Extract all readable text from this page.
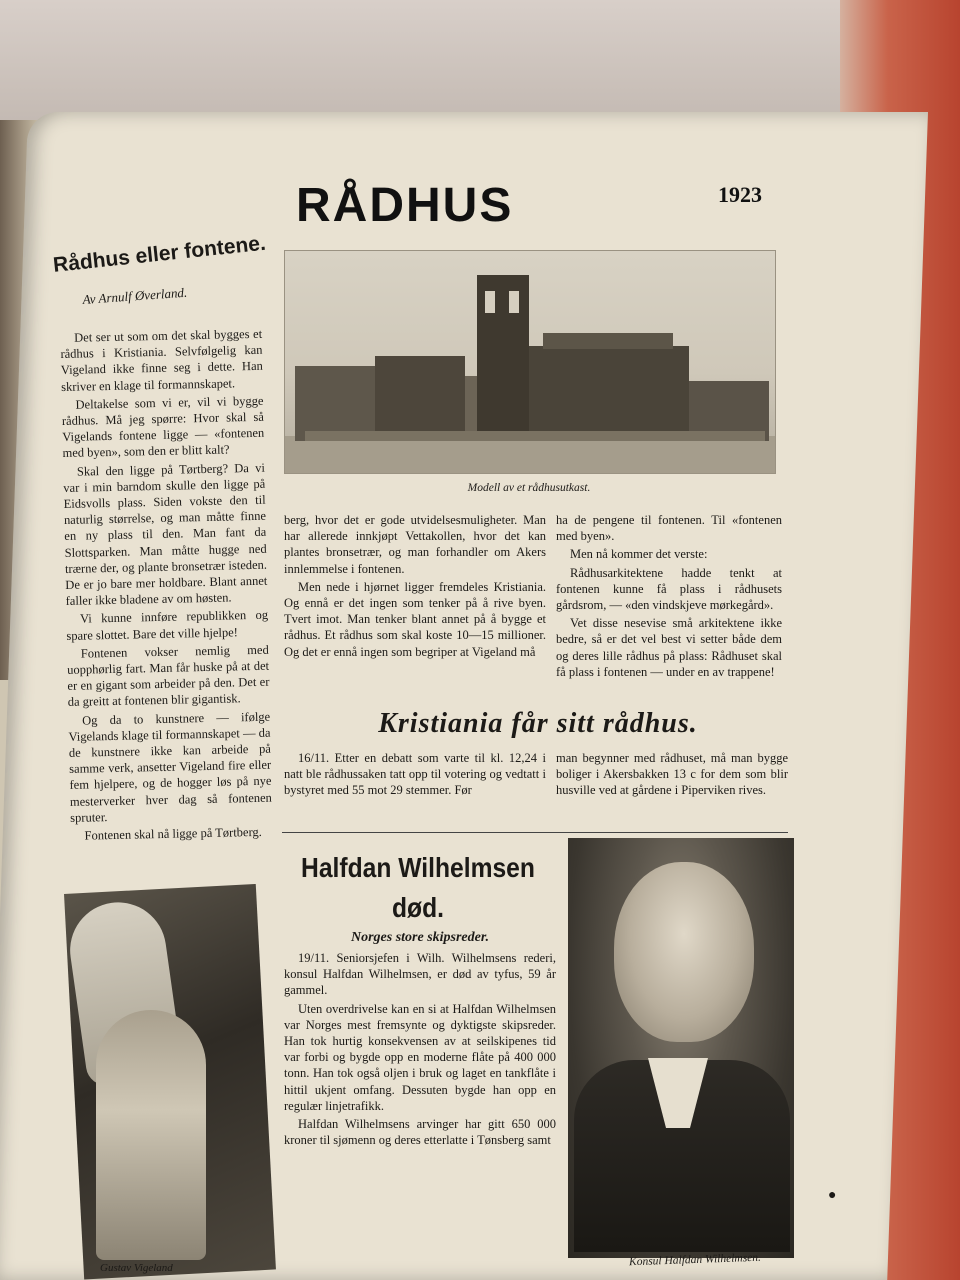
RÅDHUS	1923
Rådhus eller fontene.
Av Arnulf Øverland.

Det ser ut som om det skal bygges et rådhus i Kristiania. Selvfølgelig kan Vigeland ikke finne seg i dette. Han skriver en klage til formannskapet.

Deltakelse som vi er, vil vi bygge rådhus. Må jeg spørre: Hvor skal så Vigelands fontene ligge — «fontenen med byen», som den er blitt kalt?

Skal den ligge på Tørtberg? Da vi var i min barndom skulle den ligge på Eidsvolls plass. Siden vokste den til naturlig størrelse, og man måtte finne en ny plass til den. Man fant da Slottsparken. Man måtte hugge ned trærne der, og plante bronsetrær isteden. De er jo bare mer holdbare. Blant annet faller ikke bladene av om høsten.

Vi kunne innføre republikken og spare slottet. Bare det ville hjelpe!

Fontenen vokser nemlig med uopphørlig fart. Man får huske på at det er en gigant som arbeider på den. Det er da greitt at fontenen blir gigantisk.

Og da to kunstnere — ifølge Vigelands klage til formannskapet — da de kunstnere ikke kan arbeide på samme verk, ansetter Vigeland fire eller fem hjelpere, og de hogger løs på nye mesterverker hver dag så fontenen spruter.

Fontenen skal nå ligge på Tørtberg.

Modell av et rådhusutkast.

berg, hvor det er gode utvidelsesmuligheter. Man har allerede innkjøpt Vettakollen, hvor det kan plantes bronsetrær, og man forhandler om Akers innlemmelse i fontenen.

Men nede i hjørnet ligger fremdeles Kristiania. Og ennå er det ingen som tenker på å rive byen. Tvert imot. Man tenker blant annet på å bygge et rådhus. Et rådhus som skal koste 10—15 millioner. Og det er ennå ingen som begriper at Vigeland må

ha de pengene til fontenen. Til «fontenen med byen».

Men nå kommer det verste:

Rådhusarkitektene hadde tenkt at fontenen kunne få plass i rådhusets gårdsrom, — «den vindskjeve mørkegård».

Vet disse nesevise små arkitektene ikke bedre, så er det vel best vi setter både dem og deres lille rådhus på plass: Rådhuset skal få plass i fontenen — under en av trappene!

Kristiania får sitt rådhus.

16/11. Etter en debatt som varte til kl. 12,24 i natt ble rådhussaken tatt opp til votering og vedtatt i bystyret med 55 mot 29 stemmer. Før

man begynner med rådhuset, må man bygge boliger i Akersbakken 13 c for dem som blir husville ved at gårdene i Piperviken rives.

Halfdan Wilhelmsen død.
Norges store skipsreder.

19/11. Seniorsjefen i Wilh. Wilhelmsens rederi, konsul Halfdan Wilhelmsen, er død av tyfus, 59 år gammel.

Uten overdrivelse kan en si at Halfdan Wilhelmsen var Norges mest fremsynte og dyktigste skipsreder. Han tok hurtig konsekvensen av at seilskipenes tid var forbi og bygde opp en moderne flåte på 400 000 tonn. Han tok også oljen i bruk og laget en tankflåte i hittil ukjent omfang. Dessuten bygde han opp en regulær linjetrafikk.

Halfdan Wilhelmsens arvinger har gitt 650 000 kroner til sjømenn og deres etterlatte i Tønsberg samt

Konsul Halfdan Wilhelmsen.
Gustav Vigeland
●
